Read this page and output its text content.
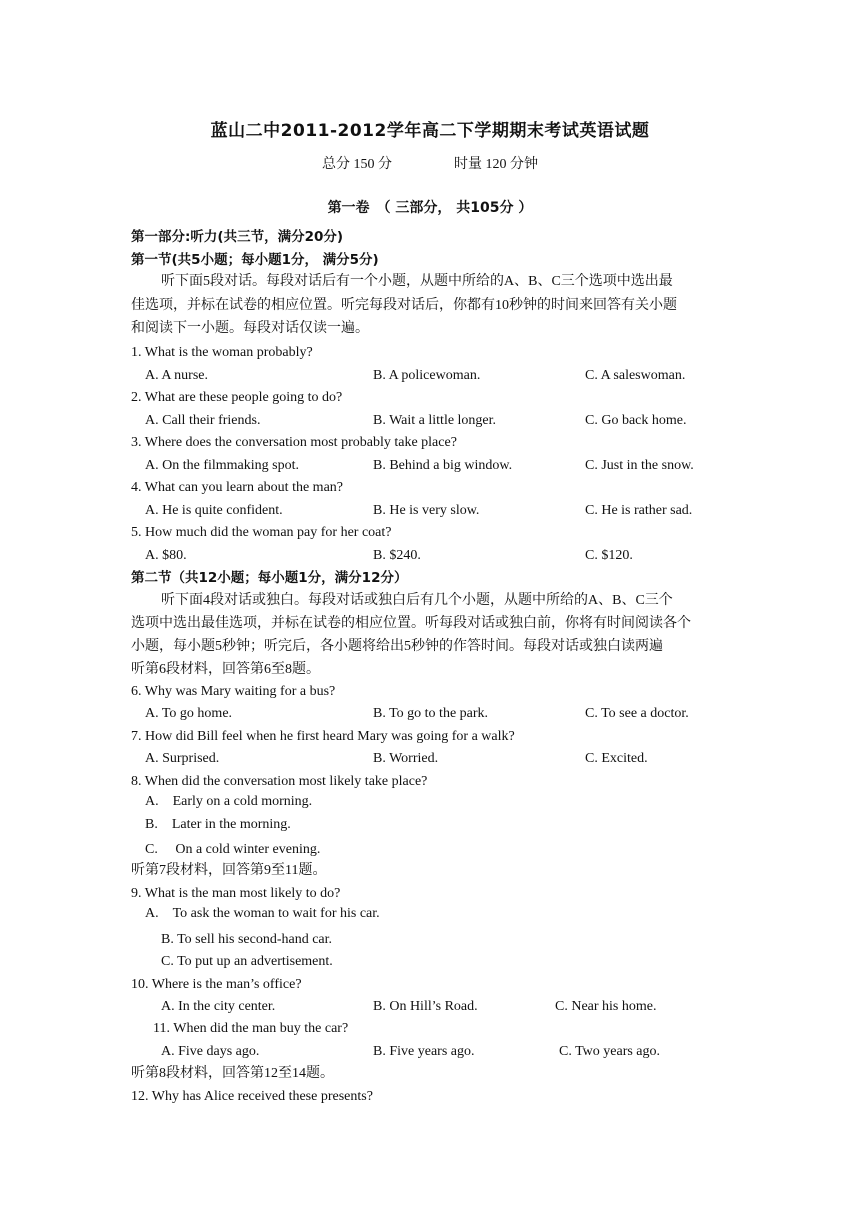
蓝山二中2011-2012学年高二下学期期末考试英语试题
总分 150 分	时量 120 分钟
第一卷　（ 三部分， 共105分 ）
第一部分:听力(共三节，满分20分)
第一节(共5小题；每小题1分， 满分5分)
听下面5段对话。每段对话后有一个小题，从题中所给的A、B、C三个选项中选出最
佳选项，并标在试卷的相应位置。听完每段对话后，你都有10秒钟的时间来回答有关小题
和阅读下一小题。每段对话仅读一遍。
1. What is the woman probably?
A. A nurse.	B. A policewoman.	C. A saleswoman.
2. What are these people going to do?
A. Call their friends.	B. Wait a little longer.	C. Go back home.
3. Where does the conversation most probably take place?
A. On the filmmaking spot.	B. Behind a big window.	C. Just in the snow.
4. What can you learn about the man?
A. He is quite confident.	B. He is very slow.	C. He is rather sad.
5. How much did the woman pay for her coat?
A. $80.	B. $240.	C. $120.
第二节（共12小题；每小题1分，满分12分）
听下面4段对话或独白。每段对话或独白后有几个小题，从题中所给的A、B、C三个
选项中选出最佳选项，并标在试卷的相应位置。听每段对话或独白前，你将有时间阅读各个
小题，每小题5秒钟；听完后，各小题将给出5秒钟的作答时间。每段对话或独白读两遍
听第6段材料，回答第6至8题。
6. Why was Mary waiting for a bus?
A. To go home.	B. To go to the park.	C. To see a doctor.
7. How did Bill feel when he first heard Mary was going for a walk?
A. Surprised.	B. Worried.	C. Excited.
8. When did the conversation most likely take place?
A.　Early on a cold morning.
B.　Later in the morning.
C.　 On a cold winter evening.
听第7段材料，回答第9至11题。
9. What is the man most likely to do?
A.　To ask the woman to wait for his car.
B. To sell his second-hand car.
C. To put up an advertisement.
10. Where is the man’s office?
A. In the city center.	B. On Hill’s Road.	C. Near his home.
11. When did the man buy the car?
A. Five days ago.	B. Five years ago.	C. Two years ago.
听第8段材料，回答第12至14题。
12. Why has Alice received these presents?
